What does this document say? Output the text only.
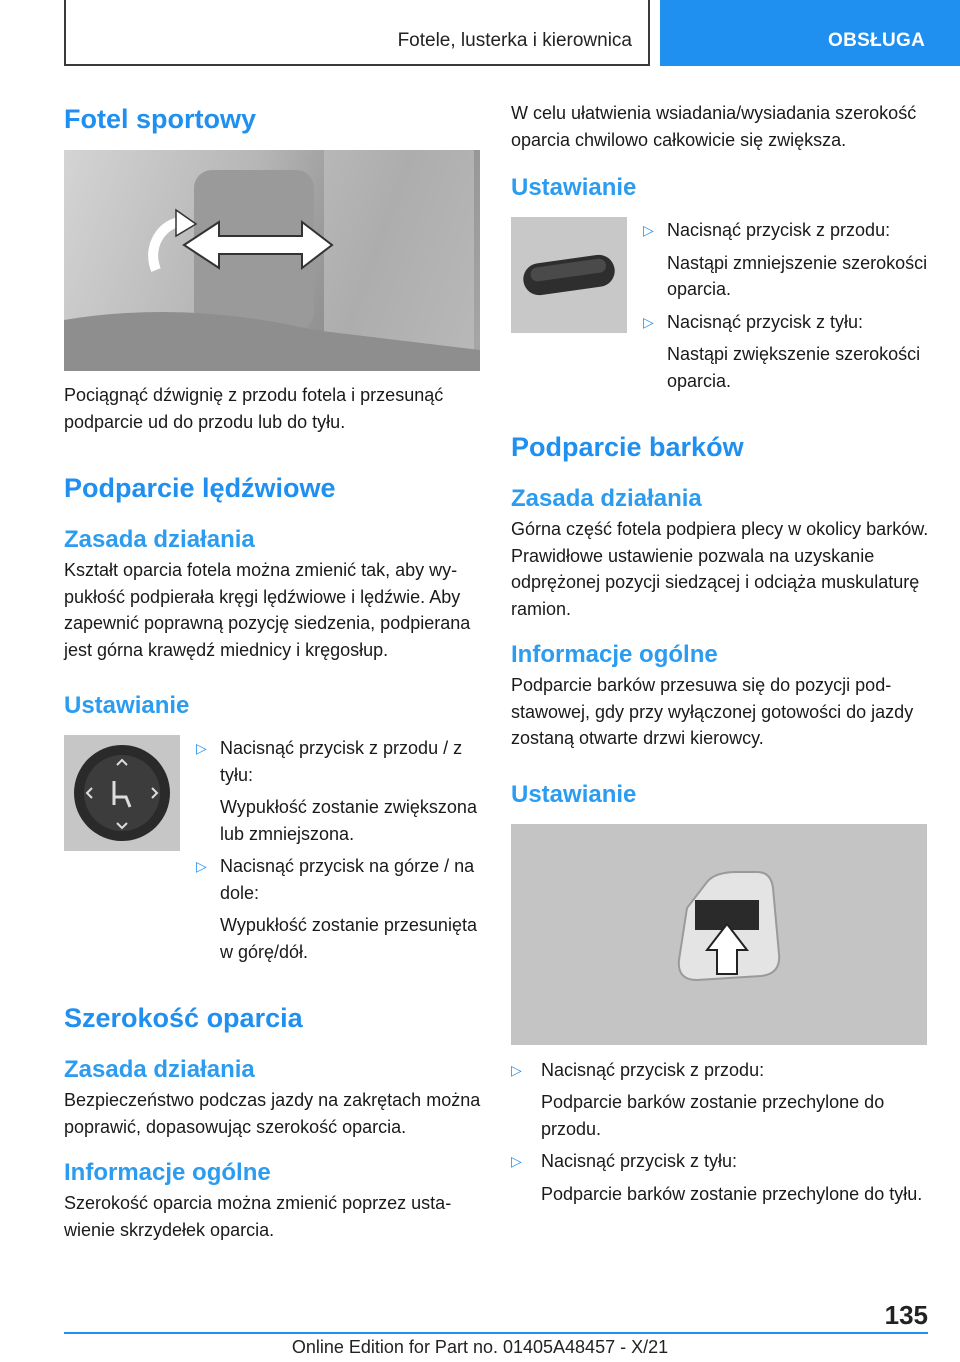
Fotele, lusterka i kierownica	OBSŁUGA
Fotel sportowy
Pociągnąć dźwignię z przodu fotela i przesunąć podparcie ud do przodu lub do tyłu.
Podparcie lędźwiowe
Zasada działania
Kształt oparcia fotela można zmienić tak, aby wypukłość podpierała kręgi lędźwiowe i lędźwie. Aby zapewnić poprawną pozycję siedzenia, podpierana jest górna krawędź miednicy i kręgosłup.
Ustawianie
▷ Nacisnąć przycisk z przodu / z tyłu:
Wypukłość zostanie zwiększona lub zmniejszona.
▷ Nacisnąć przycisk na górze / na dole:
Wypukłość zostanie przesunięta w górę/dół.
Szerokość oparcia
Zasada działania
Bezpieczeństwo podczas jazdy na zakrętach można poprawić, dopasowując szerokość oparcia.
Informacje ogólne
Szerokość oparcia można zmienić poprzez ustawienie skrzydełek oparcia.
W celu ułatwienia wsiadania/wysiadania szerokość oparcia chwilowo całkowicie się zwiększa.
Ustawianie
▷ Nacisnąć przycisk z przodu:
Nastąpi zmniejszenie szerokości oparcia.
▷ Nacisnąć przycisk z tyłu:
Nastąpi zwiększenie szerokości oparcia.
Podparcie barków
Zasada działania
Górna część fotela podpiera plecy w okolicy barków. Prawidłowe ustawienie pozwala na uzyskanie odprężonej pozycji siedzącej i odciąża muskulaturę ramion.
Informacje ogólne
Podparcie barków przesuwa się do pozycji podstawowej, gdy przy wyłączonej gotowości do jazdy zostaną otwarte drzwi kierowcy.
Ustawianie
▷	Nacisnąć przycisk z przodu:
Podparcie barków zostanie przechylone do przodu.
▷	Nacisnąć przycisk z tyłu:
Podparcie barków zostanie przechylone do tyłu.
135
Online Edition for Part no. 01405A48457 - X/21
